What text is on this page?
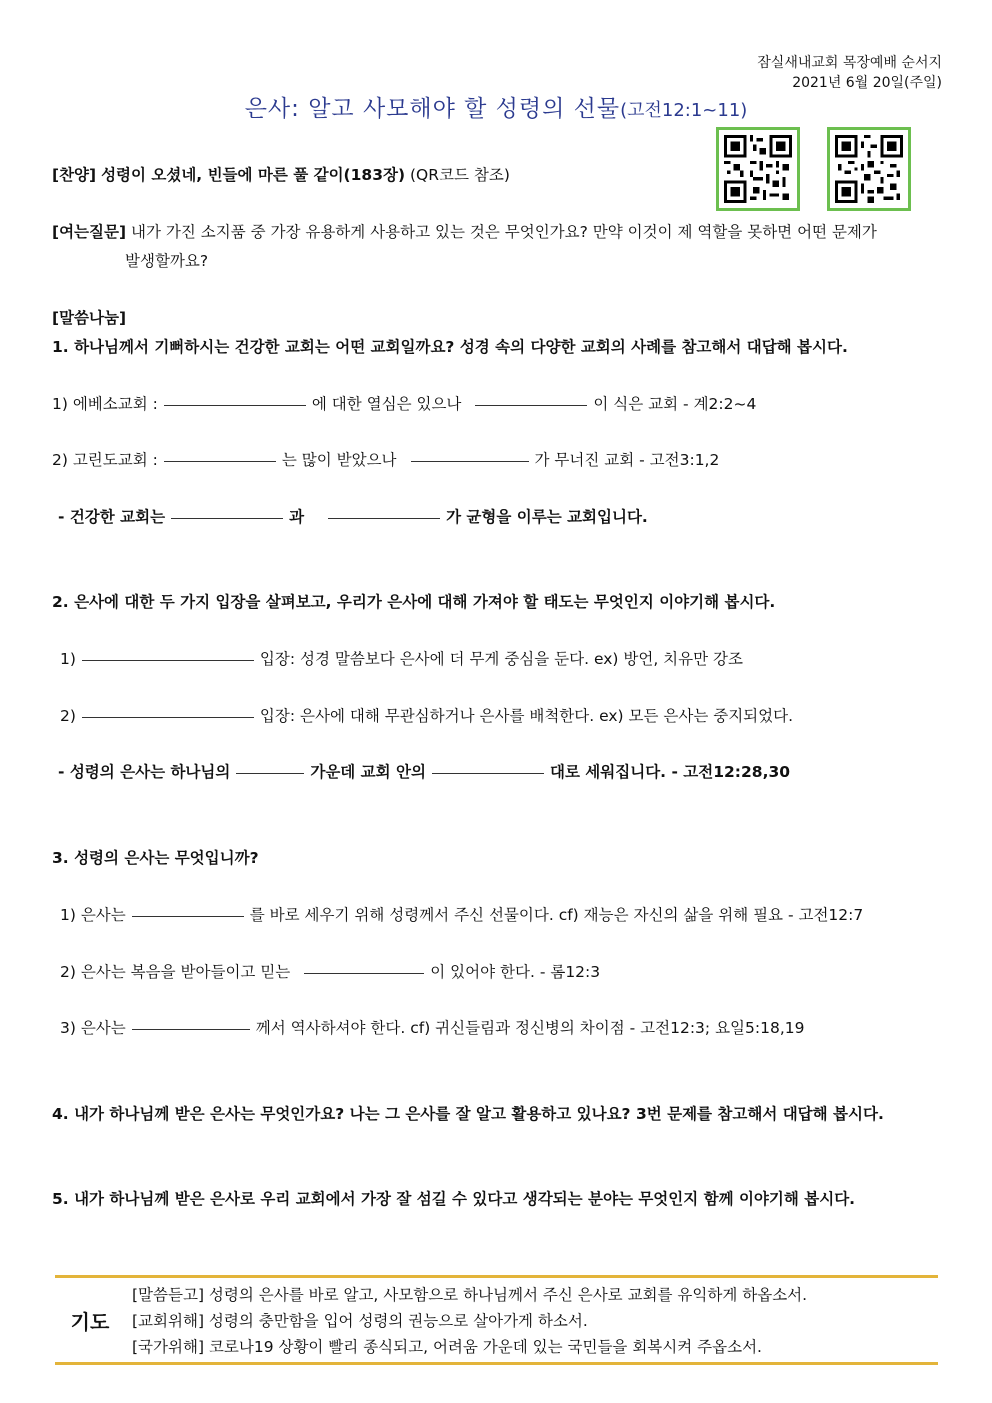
잠실새내교회 목장예배 순서지
2021년 6월 20일(주일)
은사: 알고 사모해야 할 성령의 선물(고전12:1~11)
[찬양] 성령이 오셨네, 빈들에 마른 풀 같이(183장) (QR코드 참조)
[여는질문] 내가 가진 소지품 중 가장 유용하게 사용하고 있는 것은 무엇인가요? 만약 이것이 제 역할을 못하면 어떤 문제가
발생할까요?
[말씀나눔]
1. 하나님께서 기뻐하시는 건강한 교회는 어떤 교회일까요? 성경 속의 다양한 교회의 사례를 참고해서 대답해 봅시다.
1) 에베소교회 :	에 대한 열심은 있으나	이 식은 교회 - 계2:2~4
2) 고린도교회 :	는 많이 받았으나	가 무너진 교회 - 고전3:1,2
- 건강한 교회는	과	가 균형을 이루는 교회입니다.
2. 은사에 대한 두 가지 입장을 살펴보고, 우리가 은사에 대해 가져야 할 태도는 무엇인지 이야기해 봅시다.
1)	입장: 성경 말씀보다 은사에 더 무게 중심을 둔다. ex) 방언, 치유만 강조
2)	입장: 은사에 대해 무관심하거나 은사를 배척한다. ex) 모든 은사는 중지되었다.
- 성령의 은사는 하나님의	가운데 교회 안의	대로 세워집니다. - 고전12:28,30
3. 성령의 은사는 무엇입니까?
1) 은사는	를 바로 세우기 위해 성령께서 주신 선물이다. cf) 재능은 자신의 삶을 위해 필요 - 고전12:7
2) 은사는 복음을 받아들이고 믿는	이 있어야 한다. - 롬12:3
3) 은사는	께서 역사하셔야 한다. cf) 귀신들림과 정신병의 차이점 - 고전12:3; 요일5:18,19
4. 내가 하나님께 받은 은사는 무엇인가요? 나는 그 은사를 잘 알고 활용하고 있나요? 3번 문제를 참고해서 대답해 봅시다.
5. 내가 하나님께 받은 은사로 우리 교회에서 가장 잘 섬길 수 있다고 생각되는 분야는 무엇인지 함께 이야기해 봅시다.
기도
[말씀듣고] 성령의 은사를 바로 알고, 사모함으로 하나님께서 주신 은사로 교회를 유익하게 하옵소서.
[교회위해] 성령의 충만함을 입어 성령의 권능으로 살아가게 하소서.
[국가위해] 코로나19 상황이 빨리 종식되고, 어려움 가운데 있는 국민들을 회복시켜 주옵소서.
